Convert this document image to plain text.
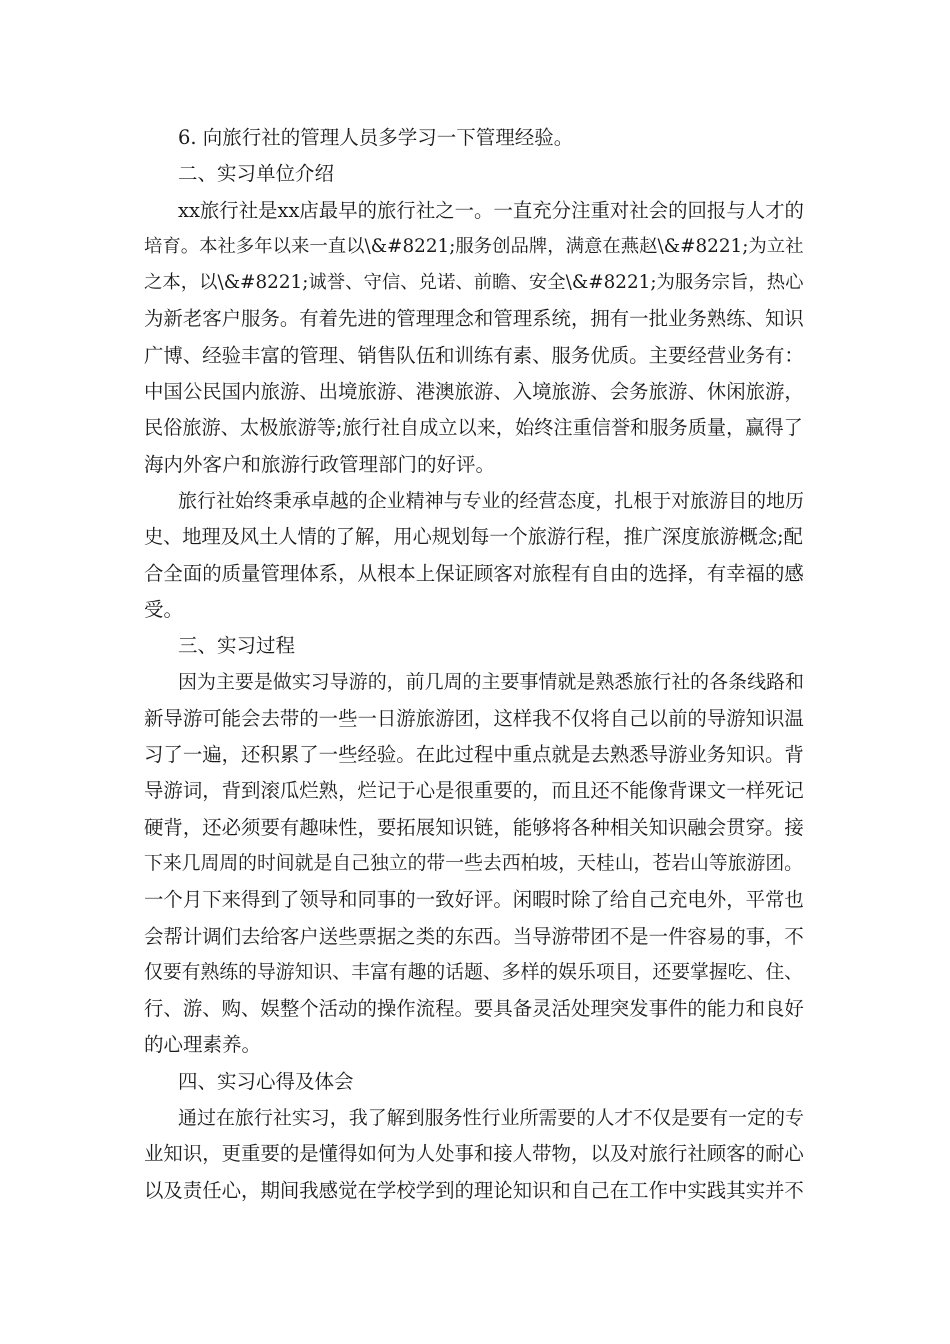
6. 向旅行社的管理人员多学习一下管理经验。
二、实习单位介绍
xx旅行社是xx店最早的旅行社之一。一直充分注重对社会的回报与人才的
培育。本社多年以来一直以\&#8221;服务创品牌，满意在燕赵\&#8221;为立社
之本，以\&#8221;诚誉、守信、兑诺、前瞻、安全\&#8221;为服务宗旨，热心
为新老客户服务。有着先进的管理理念和管理系统，拥有一批业务熟练、知识
广博、经验丰富的管理、销售队伍和训练有素、服务优质。主要经营业务有：
中国公民国内旅游、出境旅游、港澳旅游、入境旅游、会务旅游、休闲旅游，
民俗旅游、太极旅游等;旅行社自成立以来，始终注重信誉和服务质量，赢得了
海内外客户和旅游行政管理部门的好评。
旅行社始终秉承卓越的企业精神与专业的经营态度，扎根于对旅游目的地历
史、地理及风土人情的了解，用心规划每一个旅游行程，推广深度旅游概念;配
合全面的质量管理体系，从根本上保证顾客对旅程有自由的选择，有幸福的感
受。
三、实习过程
因为主要是做实习导游的，前几周的主要事情就是熟悉旅行社的各条线路和
新导游可能会去带的一些一日游旅游团，这样我不仅将自己以前的导游知识温
习了一遍，还积累了一些经验。在此过程中重点就是去熟悉导游业务知识。背
导游词，背到滚瓜烂熟，烂记于心是很重要的，而且还不能像背课文一样死记
硬背，还必须要有趣味性，要拓展知识链，能够将各种相关知识融会贯穿。接
下来几周周的时间就是自己独立的带一些去西柏坡，天桂山，苍岩山等旅游团。
一个月下来得到了领导和同事的一致好评。闲暇时除了给自己充电外，平常也
会帮计调们去给客户送些票据之类的东西。当导游带团不是一件容易的事，不
仅要有熟练的导游知识、丰富有趣的话题、多样的娱乐项目，还要掌握吃、住、
行、游、购、娱整个活动的操作流程。要具备灵活处理突发事件的能力和良好
的心理素养。
四、实习心得及体会
通过在旅行社实习，我了解到服务性行业所需要的人才不仅是要有一定的专
业知识，更重要的是懂得如何为人处事和接人带物，以及对旅行社顾客的耐心
以及责任心，期间我感觉在学校学到的理论知识和自己在工作中实践其实并不
